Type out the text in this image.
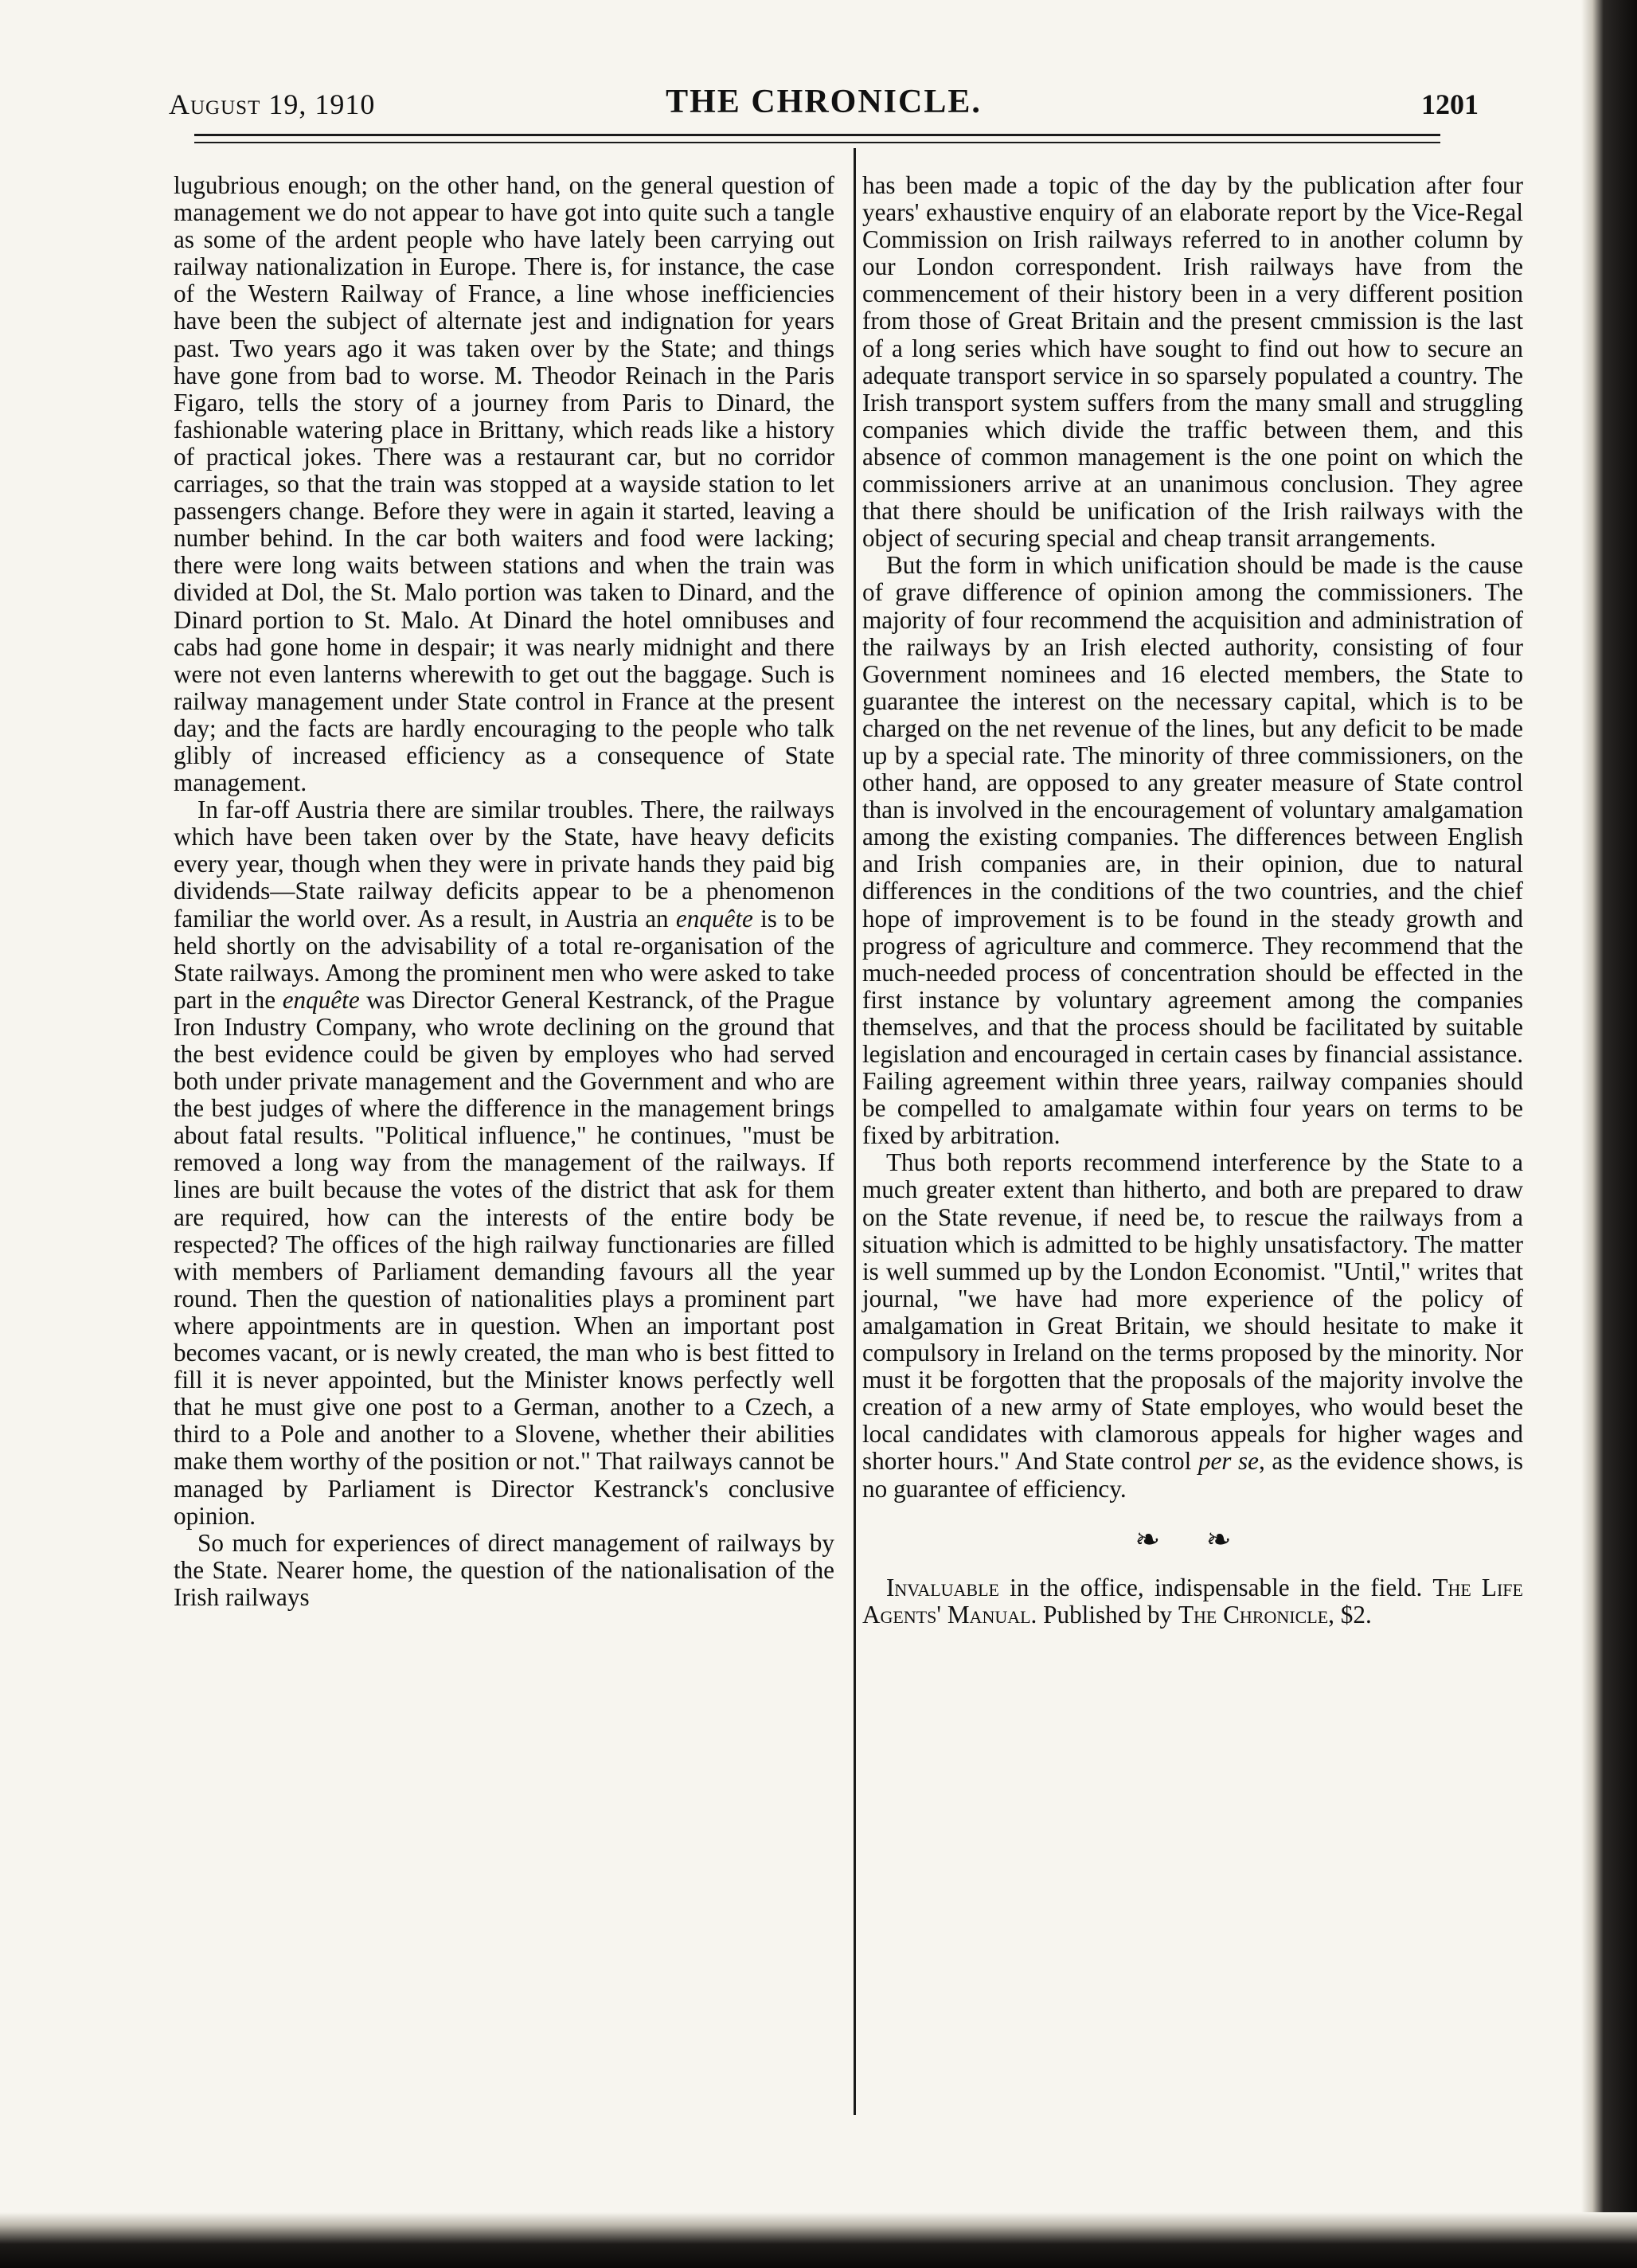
August 19, 1910	THE CHRONICLE.	1201

lugubrious enough; on the other hand, on the general question of management we do not appear to have got into quite such a tangle as some of the ardent people who have lately been carrying out railway nationalization in Europe. There is, for instance, the case of the Western Railway of France, a line whose inefficiencies have been the subject of alternate jest and indignation for years past. Two years ago it was taken over by the State; and things have gone from bad to worse. M. Theodor Reinach in the Paris Figaro, tells the story of a journey from Paris to Dinard, the fashionable watering place in Brittany, which reads like a history of practical jokes. There was a restaurant car, but no corridor carriages, so that the train was stopped at a wayside station to let passengers change. Before they were in again it started, leaving a number behind. In the car both waiters and food were lacking; there were long waits between stations and when the train was divided at Dol, the St. Malo portion was taken to Dinard, and the Dinard portion to St. Malo. At Dinard the hotel omnibuses and cabs had gone home in despair; it was nearly midnight and there were not even lanterns wherewith to get out the baggage. Such is railway management under State control in France at the present day; and the facts are hardly encouraging to the people who talk glibly of increased efficiency as a consequence of State management.

In far-off Austria there are similar troubles. There, the railways which have been taken over by the State, have heavy deficits every year, though when they were in private hands they paid big dividends—State railway deficits appear to be a phenomenon familiar the world over. As a result, in Austria an enquête is to be held shortly on the advisability of a total re-organisation of the State railways. Among the prominent men who were asked to take part in the enquête was Director General Kestranck, of the Prague Iron Industry Company, who wrote declining on the ground that the best evidence could be given by employes who had served both under private management and the Government and who are the best judges of where the difference in the management brings about fatal results. "Political influence," he continues, "must be removed a long way from the management of the railways. If lines are built because the votes of the district that ask for them are required, how can the interests of the entire body be respected? The offices of the high railway functionaries are filled with members of Parliament demanding favours all the year round. Then the question of nationalities plays a prominent part where appointments are in question. When an important post becomes vacant, or is newly created, the man who is best fitted to fill it is never appointed, but the Minister knows perfectly well that he must give one post to a German, another to a Czech, a third to a Pole and another to a Slovene, whether their abilities make them worthy of the position or not." That railways cannot be managed by Parliament is Director Kestranck's conclusive opinion.

So much for experiences of direct management of railways by the State. Nearer home, the question of the nationalisation of the Irish railways

has been made a topic of the day by the publication after four years' exhaustive enquiry of an elaborate report by the Vice-Regal Commission on Irish railways referred to in another column by our London correspondent. Irish railways have from the commencement of their history been in a very different position from those of Great Britain and the present cmmission is the last of a long series which have sought to find out how to secure an adequate transport service in so sparsely populated a country. The Irish transport system suffers from the many small and struggling companies which divide the traffic between them, and this absence of common management is the one point on which the commissioners arrive at an unanimous conclusion. They agree that there should be unification of the Irish railways with the object of securing special and cheap transit arrangements.

But the form in which unification should be made is the cause of grave difference of opinion among the commissioners. The majority of four recommend the acquisition and administration of the railways by an Irish elected authority, consisting of four Government nominees and 16 elected members, the State to guarantee the interest on the necessary capital, which is to be charged on the net revenue of the lines, but any deficit to be made up by a special rate. The minority of three commissioners, on the other hand, are opposed to any greater measure of State control than is involved in the encouragement of voluntary amalgamation among the existing companies. The differences between English and Irish companies are, in their opinion, due to natural differences in the conditions of the two countries, and the chief hope of improvement is to be found in the steady growth and progress of agriculture and commerce. They recommend that the much-needed process of concentration should be effected in the first instance by voluntary agreement among the companies themselves, and that the process should be facilitated by suitable legislation and encouraged in certain cases by financial assistance. Failing agreement within three years, railway companies should be compelled to amalgamate within four years on terms to be fixed by arbitration.

Thus both reports recommend interference by the State to a much greater extent than hitherto, and both are prepared to draw on the State revenue, if need be, to rescue the railways from a situation which is admitted to be highly unsatisfactory. The matter is well summed up by the London Economist. "Until," writes that journal, "we have had more experience of the policy of amalgamation in Great Britain, we should hesitate to make it compulsory in Ireland on the terms proposed by the minority. Nor must it be forgotten that the proposals of the majority involve the creation of a new army of State employes, who would beset the local candidates with clamorous appeals for higher wages and shorter hours." And State control per se, as the evidence shows, is no guarantee of efficiency.

❧ ❧

Invaluable in the office, indispensable in the field. The Life Agents' Manual. Published by The Chronicle, $2.
